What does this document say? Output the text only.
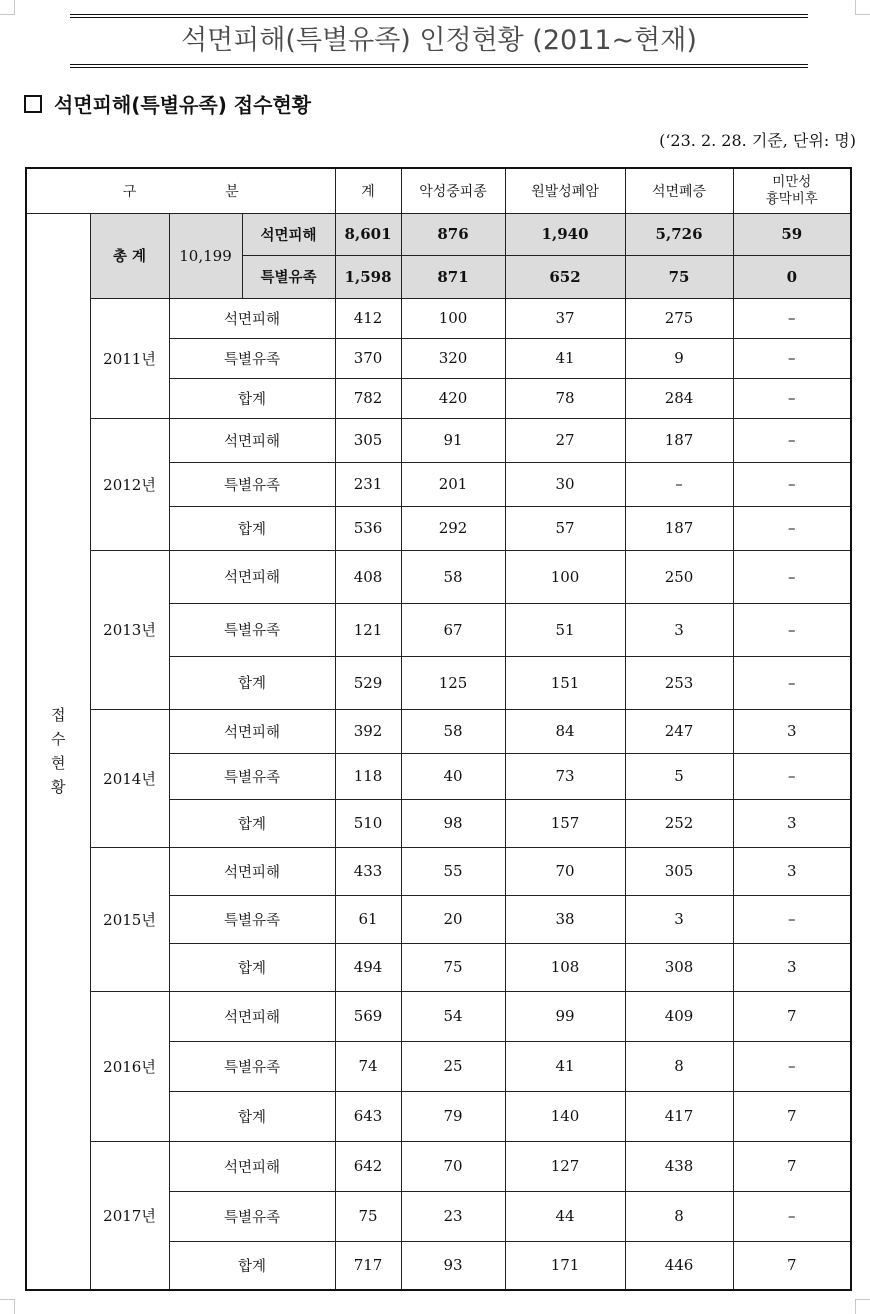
석면피해(특별유족) 인정현황 (2011~현재)
석면피해(특별유족) 접수현황
(‘23. 2. 28. 기준, 단위: 명)
구 분				계	악성중피종	원발성폐암	석면폐증	미만성
흉막비후

접
수
현
황	총 계	10,199	석면피해	8,601	876	1,940	5,726	59
			특별유족	1,598	871	652	75	0
	2011년	석면피해		412	100	37	275	–
		특별유족		370	320	41	9	–
		합계		782	420	78	284	–
	2012년	석면피해		305	91	27	187	–
		특별유족		231	201	30	–	–
		합계		536	292	57	187	–
	2013년	석면피해		408	58	100	250	–
		특별유족		121	67	51	3	–
		합계		529	125	151	253	–
	2014년	석면피해		392	58	84	247	3
		특별유족		118	40	73	5	–
		합계		510	98	157	252	3
	2015년	석면피해		433	55	70	305	3
		특별유족		61	20	38	3	–
		합계		494	75	108	308	3
	2016년	석면피해		569	54	99	409	7
		특별유족		74	25	41	8	–
		합계		643	79	140	417	7
	2017년	석면피해		642	70	127	438	7
		특별유족		75	23	44	8	–
		합계		717	93	171	446	7
